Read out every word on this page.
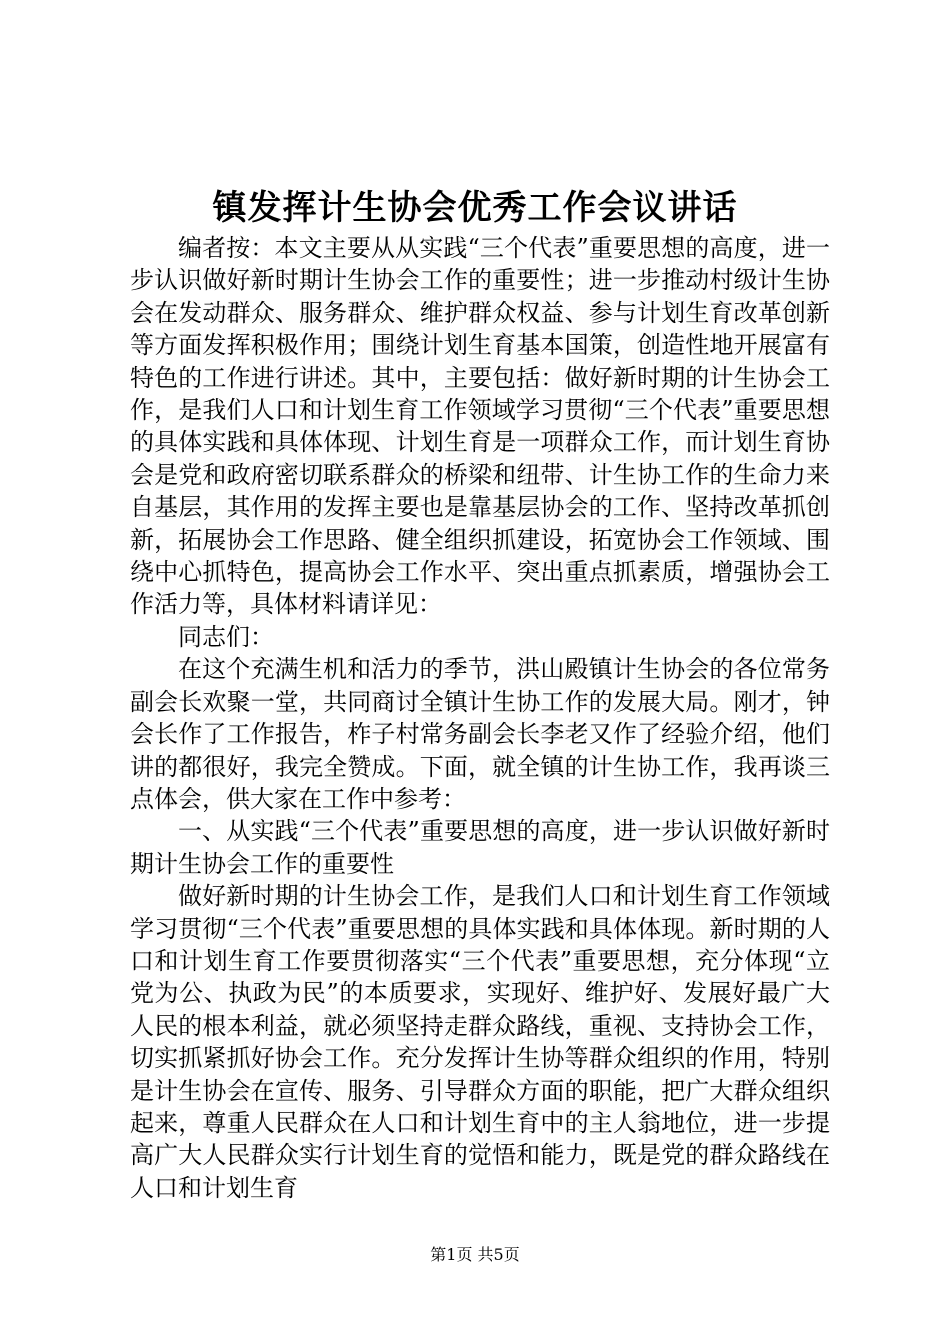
镇发挥计生协会优秀工作会议讲话

编者按：本文主要从从实践“三个代表”重要思想的高度，进一步认识做好新时期计生协会工作的重要性；进一步推动村级计生协会在发动群众、服务群众、维护群众权益、参与计划生育改革创新等方面发挥积极作用；围绕计划生育基本国策，创造性地开展富有特色的工作进行讲述。其中，主要包括：做好新时期的计生协会工作，是我们人口和计划生育工作领域学习贯彻“三个代表”重要思想的具体实践和具体体现、计划生育是一项群众工作，而计划生育协会是党和政府密切联系群众的桥梁和纽带、计生协工作的生命力来自基层，其作用的发挥主要也是靠基层协会的工作、坚持改革抓创新，拓展协会工作思路、健全组织抓建设，拓宽协会工作领域、围绕中心抓特色，提高协会工作水平、突出重点抓素质，增强协会工作活力等，具体材料请详见：

同志们：

在这个充满生机和活力的季节，洪山殿镇计生协会的各位常务副会长欢聚一堂，共同商讨全镇计生协工作的发展大局。刚才，钟会长作了工作报告，柞子村常务副会长李老又作了经验介绍，他们讲的都很好，我完全赞成。下面，就全镇的计生协工作，我再谈三点体会，供大家在工作中参考：

一、从实践“三个代表”重要思想的高度，进一步认识做好新时期计生协会工作的重要性

做好新时期的计生协会工作，是我们人口和计划生育工作领域学习贯彻“三个代表”重要思想的具体实践和具体体现。新时期的人口和计划生育工作要贯彻落实“三个代表”重要思想，充分体现“立党为公、执政为民”的本质要求，实现好、维护好、发展好最广大人民的根本利益，就必须坚持走群众路线，重视、支持协会工作，切实抓紧抓好协会工作。充分发挥计生协等群众组织的作用，特别是计生协会在宣传、服务、引导群众方面的职能，把广大群众组织起来，尊重人民群众在人口和计划生育中的主人翁地位，进一步提高广大人民群众实行计划生育的觉悟和能力，既是党的群众路线在人口和计划生育

第1页 共5页
